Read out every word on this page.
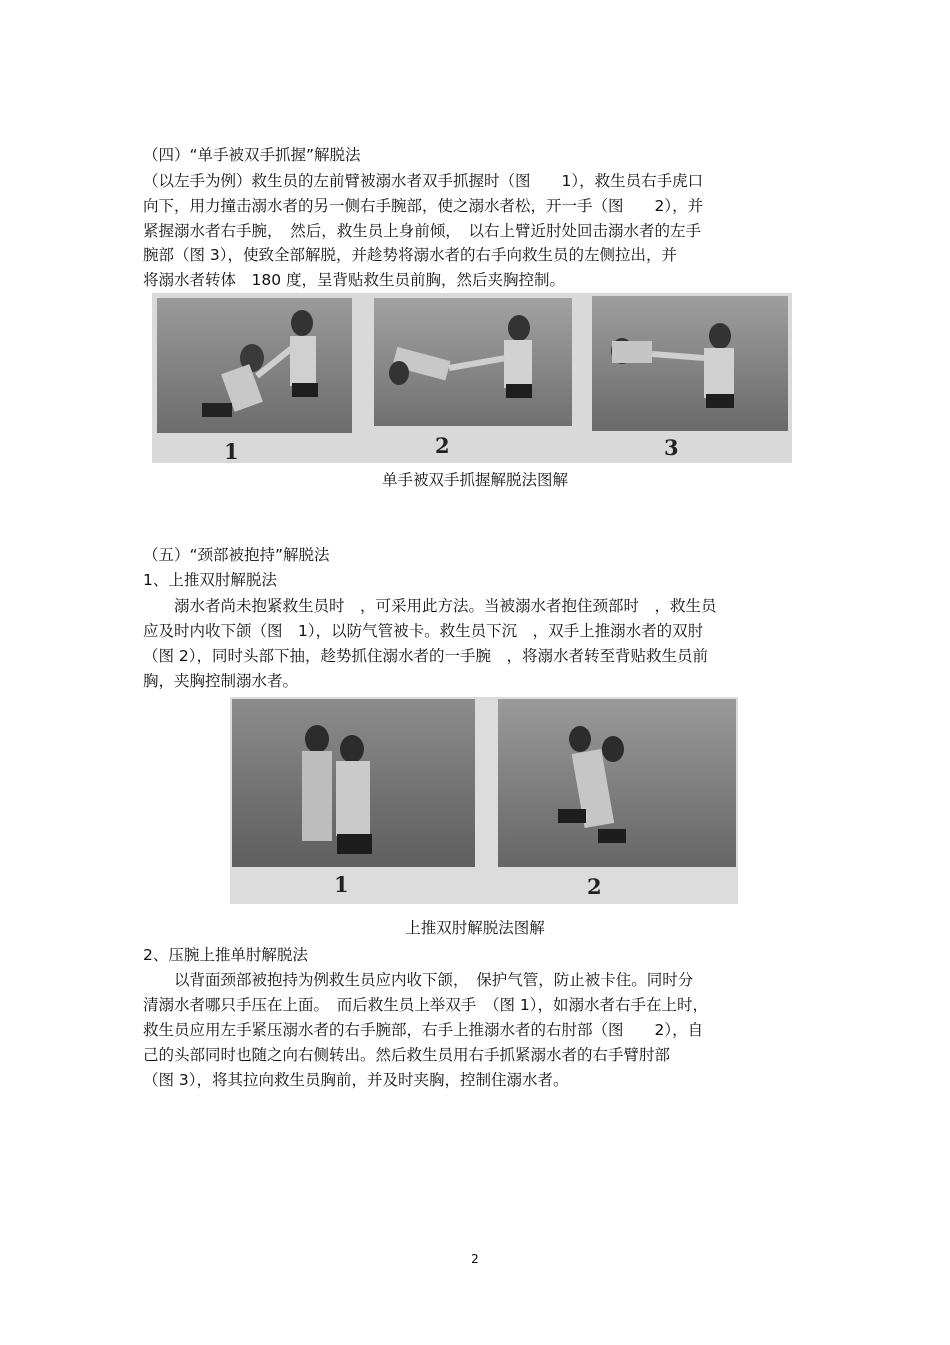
（四）“单手被双手抓握”解脱法
（以左手为例）救生员的左前臂被溺水者双手抓握时（图　　1），救生员右手虎口
向下，用力撞击溺水者的另一侧右手腕部，使之溺水者松，开一手（图　　2），并
紧握溺水者右手腕，　然后，救生员上身前倾，　以右上臂近肘处回击溺水者的左手
腕部（图 3），使致全部解脱，并趁势将溺水者的右手向救生员的左侧拉出，并
将溺水者转体　180 度，呈背贴救生员前胸，然后夹胸控制。
1	2	3
单手被双手抓握解脱法图解
（五）“颈部被抱持”解脱法
1、上推双肘解脱法
　　溺水者尚未抱紧救生员时　，可采用此方法。当被溺水者抱住颈部时　，救生员
应及时内收下颌（图　1），以防气管被卡。救生员下沉　，双手上推溺水者的双肘
（图 2），同时头部下抽，趁势抓住溺水者的一手腕　，将溺水者转至背贴救生员前
胸，夹胸控制溺水者。
1	2
上推双肘解脱法图解
2、压腕上推单肘解脱法
　　以背面颈部被抱持为例救生员应内收下颌，　保护气管，防止被卡住。同时分
清溺水者哪只手压在上面。　而后救生员上举双手　（图 1），如溺水者右手在上时，
救生员应用左手紧压溺水者的右手腕部，右手上推溺水者的右肘部（图　　2），自
己的头部同时也随之向右侧转出。然后救生员用右手抓紧溺水者的右手臂肘部
（图 3），将其拉向救生员胸前，并及时夹胸，控制住溺水者。
2
